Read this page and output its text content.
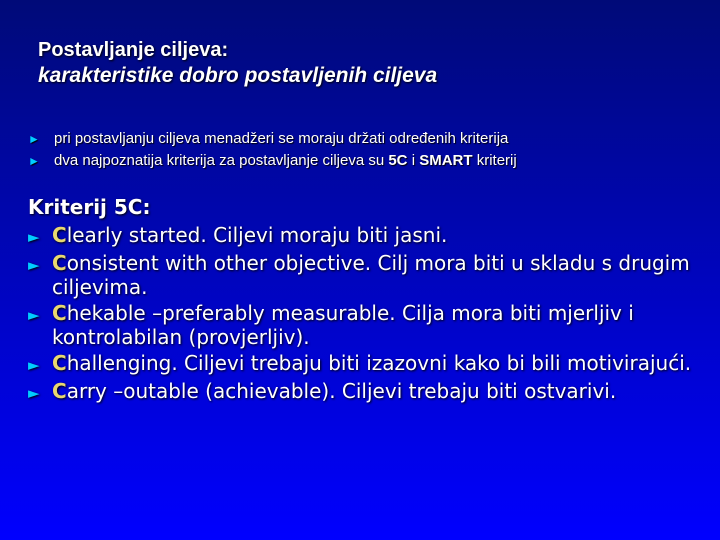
Postavljanje ciljeva:
karakteristike dobro postavljenih ciljeva
► pri postavljanju ciljeva menadžeri se moraju držati određenih kriterija
► dva najpoznatija kriterija za postavljanje ciljeva su 5C i SMART kriterij
Kriterij 5C:
► Clearly started. Ciljevi moraju biti jasni.
► Consistent with other objective. Cilj mora biti u skladu s drugim ciljevima.
► Chekable –preferably measurable. Cilja mora biti mjerljiv i kontrolabilan (provjerljiv).
► Challenging. Ciljevi trebaju biti izazovni kako bi bili motivirajući.
► Carry –outable (achievable). Ciljevi trebaju biti ostvarivi.
